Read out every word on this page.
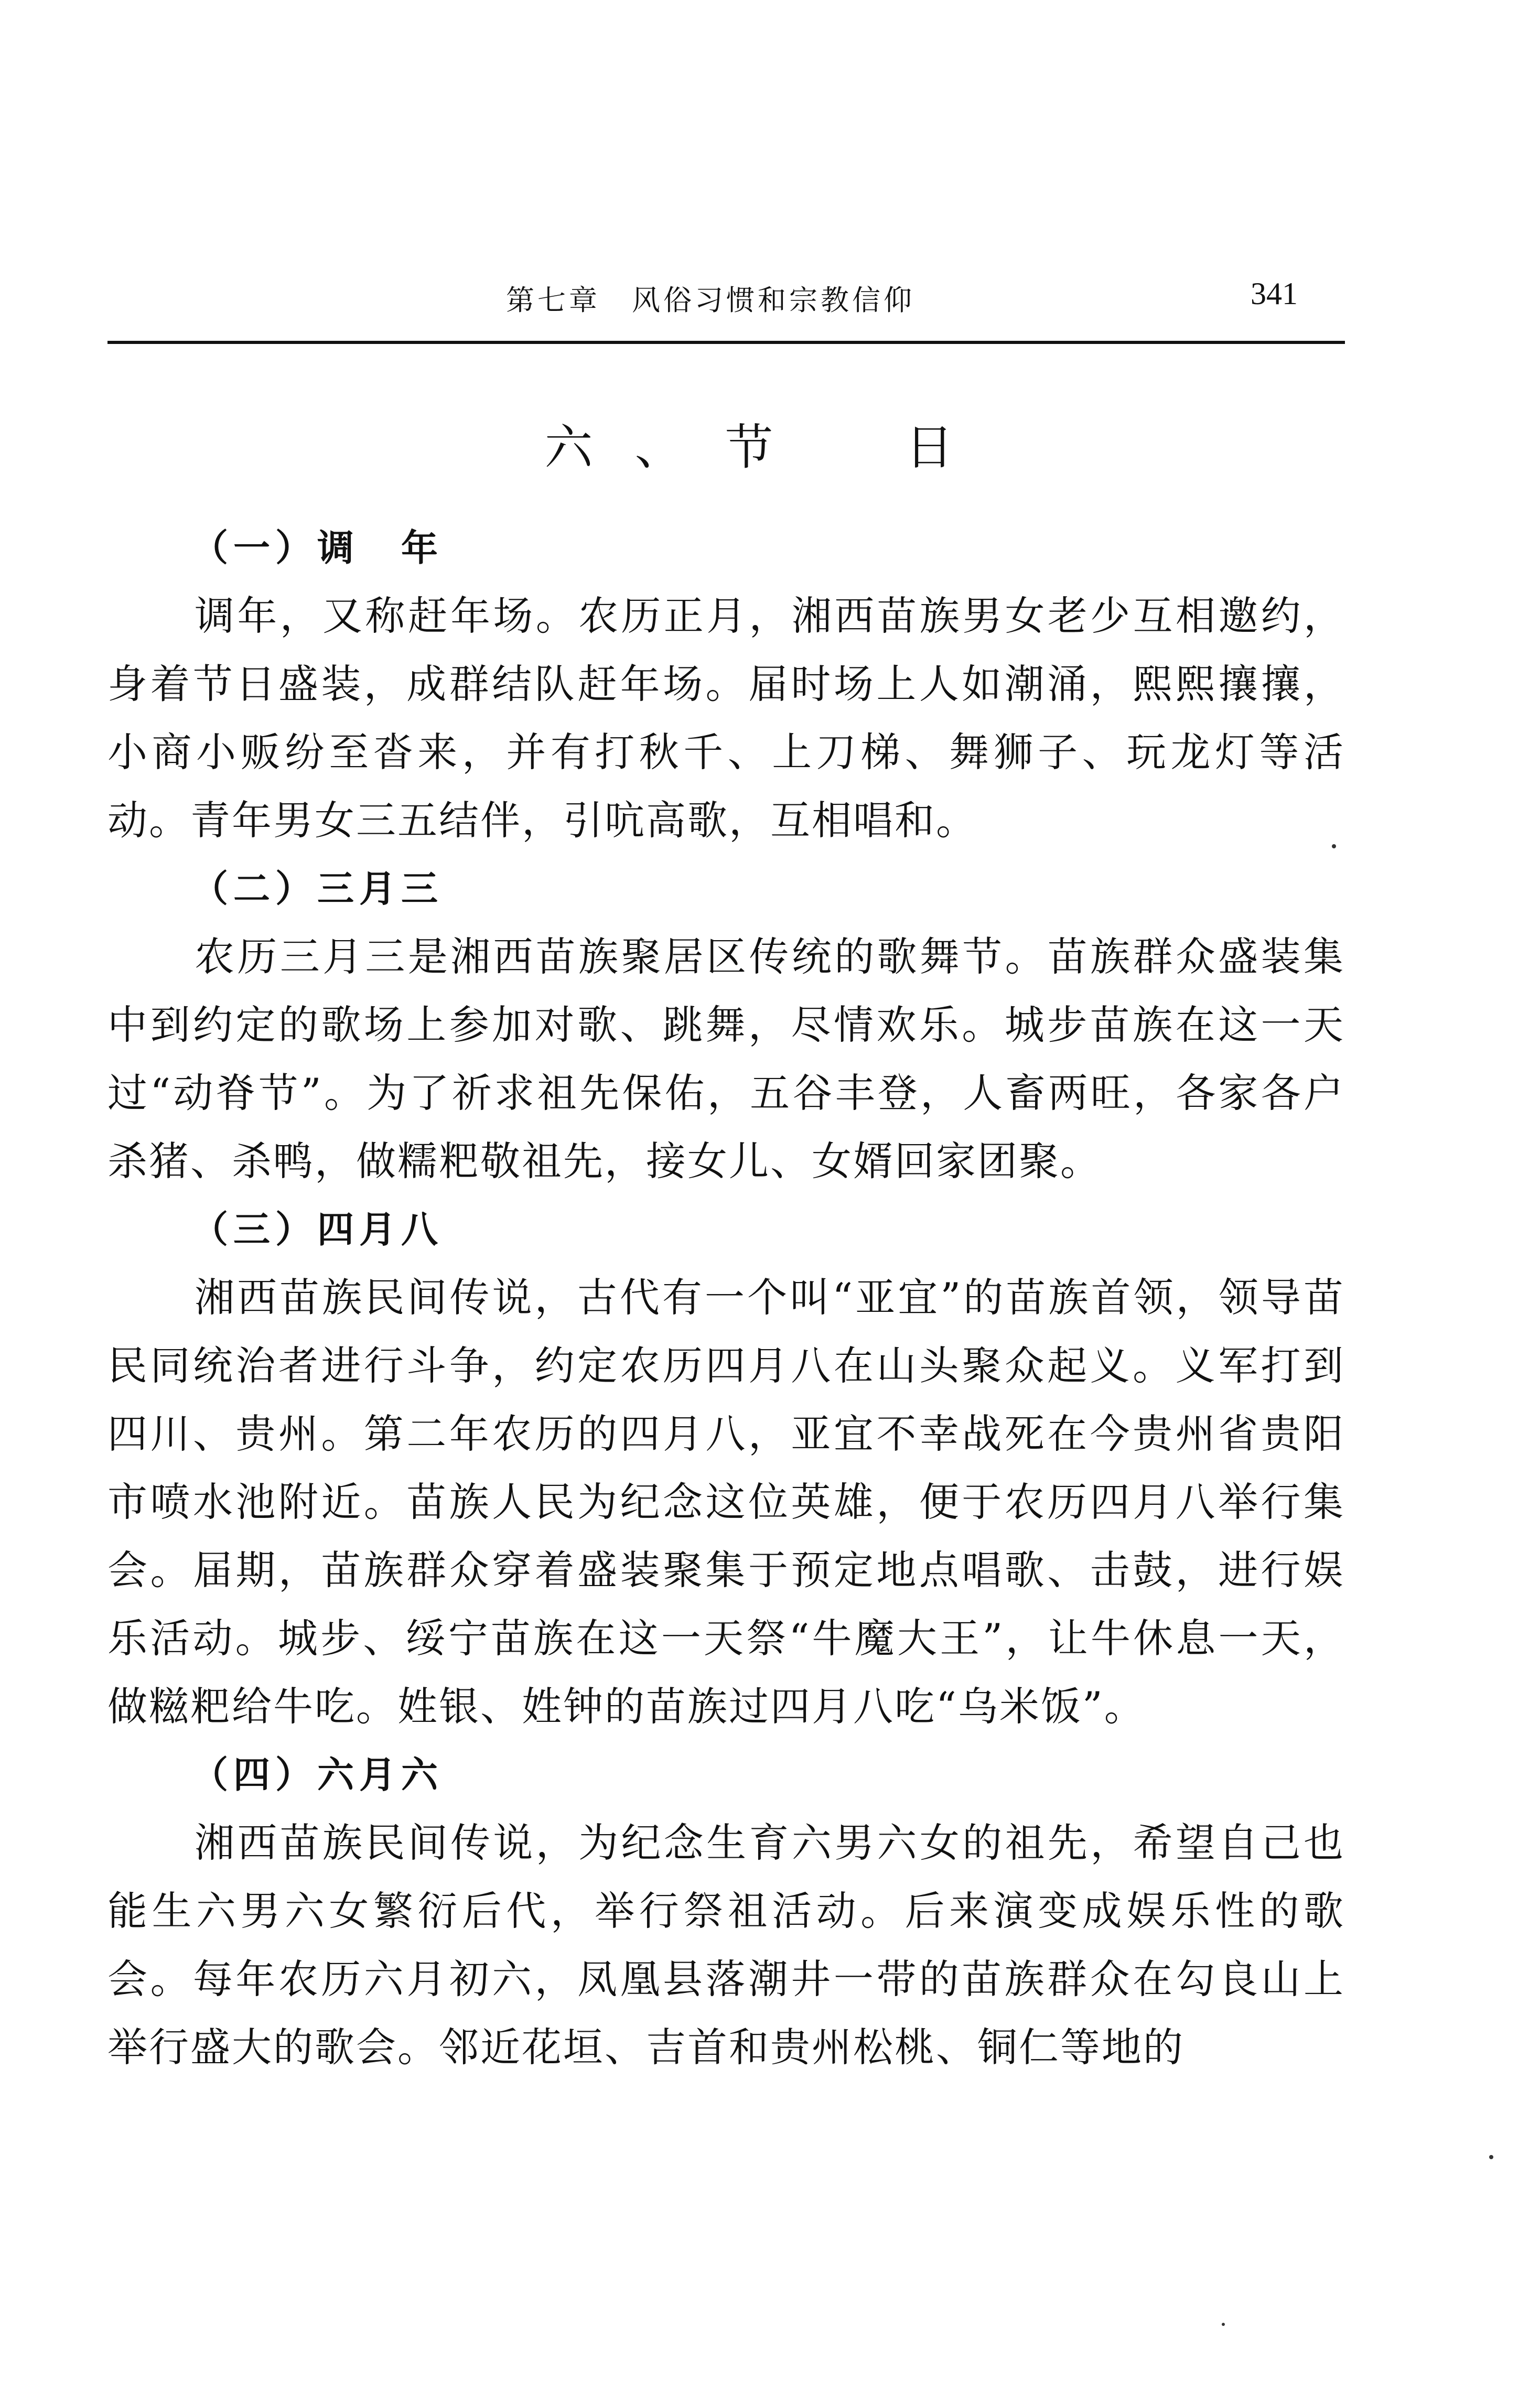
第七章　风俗习惯和宗教信仰	341
六、节　日
（一）调　年

调年，又称赶年场。农历正月，湘西苗族男女老少互相邀约，身着节日盛装，成群结队赶年场。届时场上人如潮涌，熙熙攘攘，小商小贩纷至沓来，并有打秋千、上刀梯、舞狮子、玩龙灯等活动。青年男女三五结伴，引吭高歌，互相唱和。

（二）三月三

农历三月三是湘西苗族聚居区传统的歌舞节。苗族群众盛装集中到约定的歌场上参加对歌、跳舞，尽情欢乐。城步苗族在这一天过“动脊节”。为了祈求祖先保佑，五谷丰登，人畜两旺，各家各户杀猪、杀鸭，做糯粑敬祖先，接女儿、女婿回家团聚。

（三）四月八

湘西苗族民间传说，古代有一个叫“亚宜”的苗族首领，领导苗民同统治者进行斗争，约定农历四月八在山头聚众起义。义军打到四川、贵州。第二年农历的四月八，亚宜不幸战死在今贵州省贵阳市喷水池附近。苗族人民为纪念这位英雄，便于农历四月八举行集会。届期，苗族群众穿着盛装聚集于预定地点唱歌、击鼓，进行娱乐活动。城步、绥宁苗族在这一天祭“牛魔大王”，让牛休息一天，做糍粑给牛吃。姓银、姓钟的苗族过四月八吃“乌米饭”。

（四）六月六

湘西苗族民间传说，为纪念生育六男六女的祖先，希望自己也能生六男六女繁衍后代，举行祭祖活动。后来演变成娱乐性的歌会。每年农历六月初六，凤凰县落潮井一带的苗族群众在勾良山上举行盛大的歌会。邻近花垣、吉首和贵州松桃、铜仁等地的
